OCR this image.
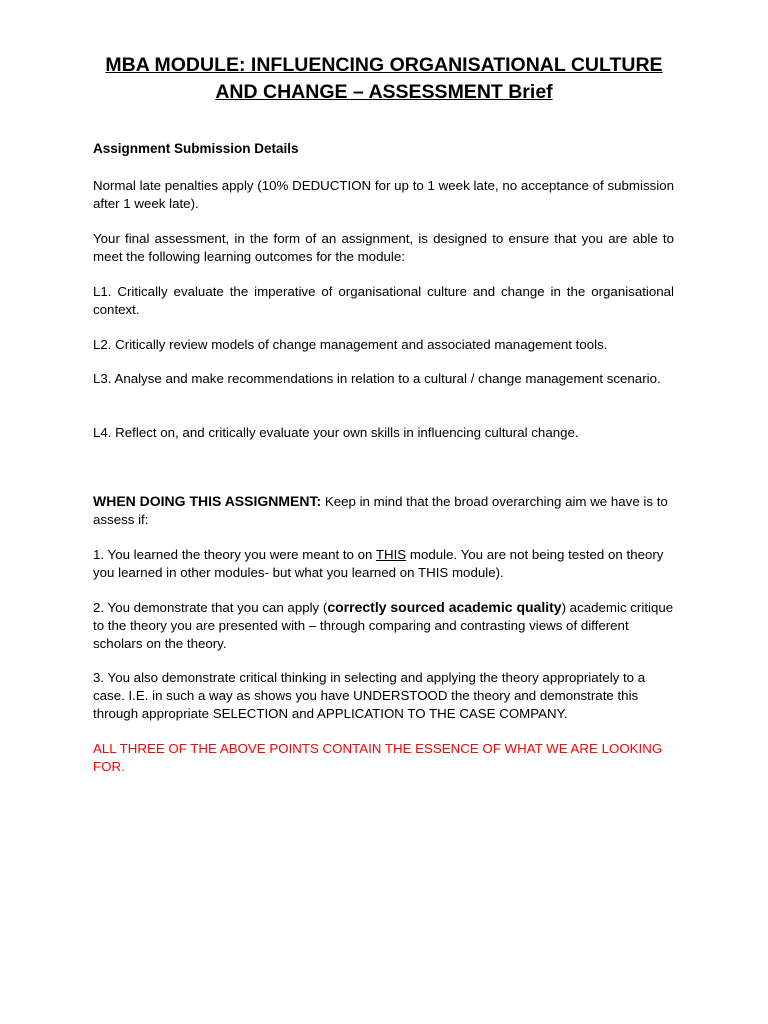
MBA MODULE: INFLUENCING ORGANISATIONAL CULTURE
AND CHANGE – ASSESSMENT Brief
Assignment Submission Details
Normal late penalties apply (10% DEDUCTION for up to 1 week late, no acceptance of submission after 1 week late).
Your final assessment, in the form of an assignment, is designed to ensure that you are able to meet the following learning outcomes for the module:
L1. Critically evaluate the imperative of organisational culture and change in the organisational context.
L2. Critically review models of change management and associated management tools.
L3. Analyse and make recommendations in relation to a cultural / change management scenario.
L4. Reflect on, and critically evaluate your own skills in influencing cultural change.
WHEN DOING THIS ASSIGNMENT: Keep in mind that the broad overarching aim we have is to assess if:
1. You learned the theory you were meant to on THIS module. You are not being tested on theory you learned in other modules- but what you learned on THIS module).
2. You demonstrate that you can apply (correctly sourced academic quality) academic critique to the theory you are presented with – through comparing and contrasting views of different scholars on the theory.
3. You also demonstrate critical thinking in selecting and applying the theory appropriately to a case. I.E. in such a way as shows you have UNDERSTOOD the theory and demonstrate this through appropriate SELECTION and APPLICATION TO THE CASE COMPANY.
ALL THREE OF THE ABOVE POINTS CONTAIN THE ESSENCE OF WHAT WE ARE LOOKING FOR.
